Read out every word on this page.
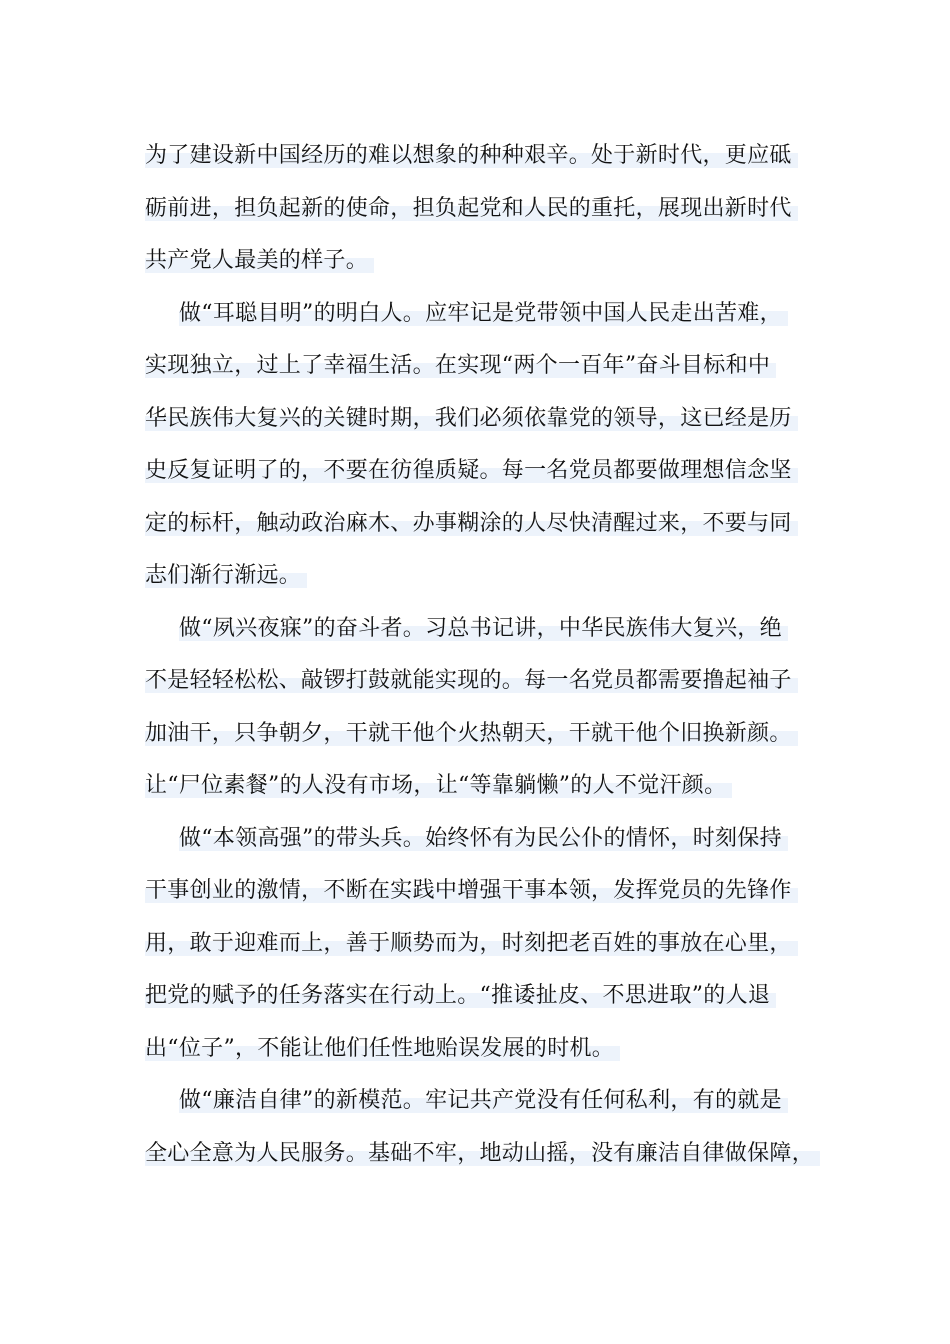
为了建设新中国经历的难以想象的种种艰辛。处于新时代，更应砥
砺前进，担负起新的使命，担负起党和人民的重托，展现出新时代
共产党人最美的样子。
做“耳聪目明”的明白人。应牢记是党带领中国人民走出苦难，
实现独立，过上了幸福生活。在实现“两个一百年”奋斗目标和中
华民族伟大复兴的关键时期，我们必须依靠党的领导，这已经是历
史反复证明了的，不要在彷徨质疑。每一名党员都要做理想信念坚
定的标杆，触动政治麻木、办事糊涂的人尽快清醒过来，不要与同
志们渐行渐远。
做“夙兴夜寐”的奋斗者。习总书记讲，中华民族伟大复兴，绝
不是轻轻松松、敲锣打鼓就能实现的。每一名党员都需要撸起袖子
加油干，只争朝夕，干就干他个火热朝天，干就干他个旧换新颜。
让“尸位素餐”的人没有市场，让“等靠躺懒”的人不觉汗颜。
做“本领高强”的带头兵。始终怀有为民公仆的情怀，时刻保持
干事创业的激情，不断在实践中增强干事本领，发挥党员的先锋作
用，敢于迎难而上，善于顺势而为，时刻把老百姓的事放在心里，
把党的赋予的任务落实在行动上。“推诿扯皮、不思进取”的人退
出“位子”，不能让他们任性地贻误发展的时机。
做“廉洁自律”的新模范。牢记共产党没有任何私利，有的就是
全心全意为人民服务。基础不牢，地动山摇，没有廉洁自律做保障，
